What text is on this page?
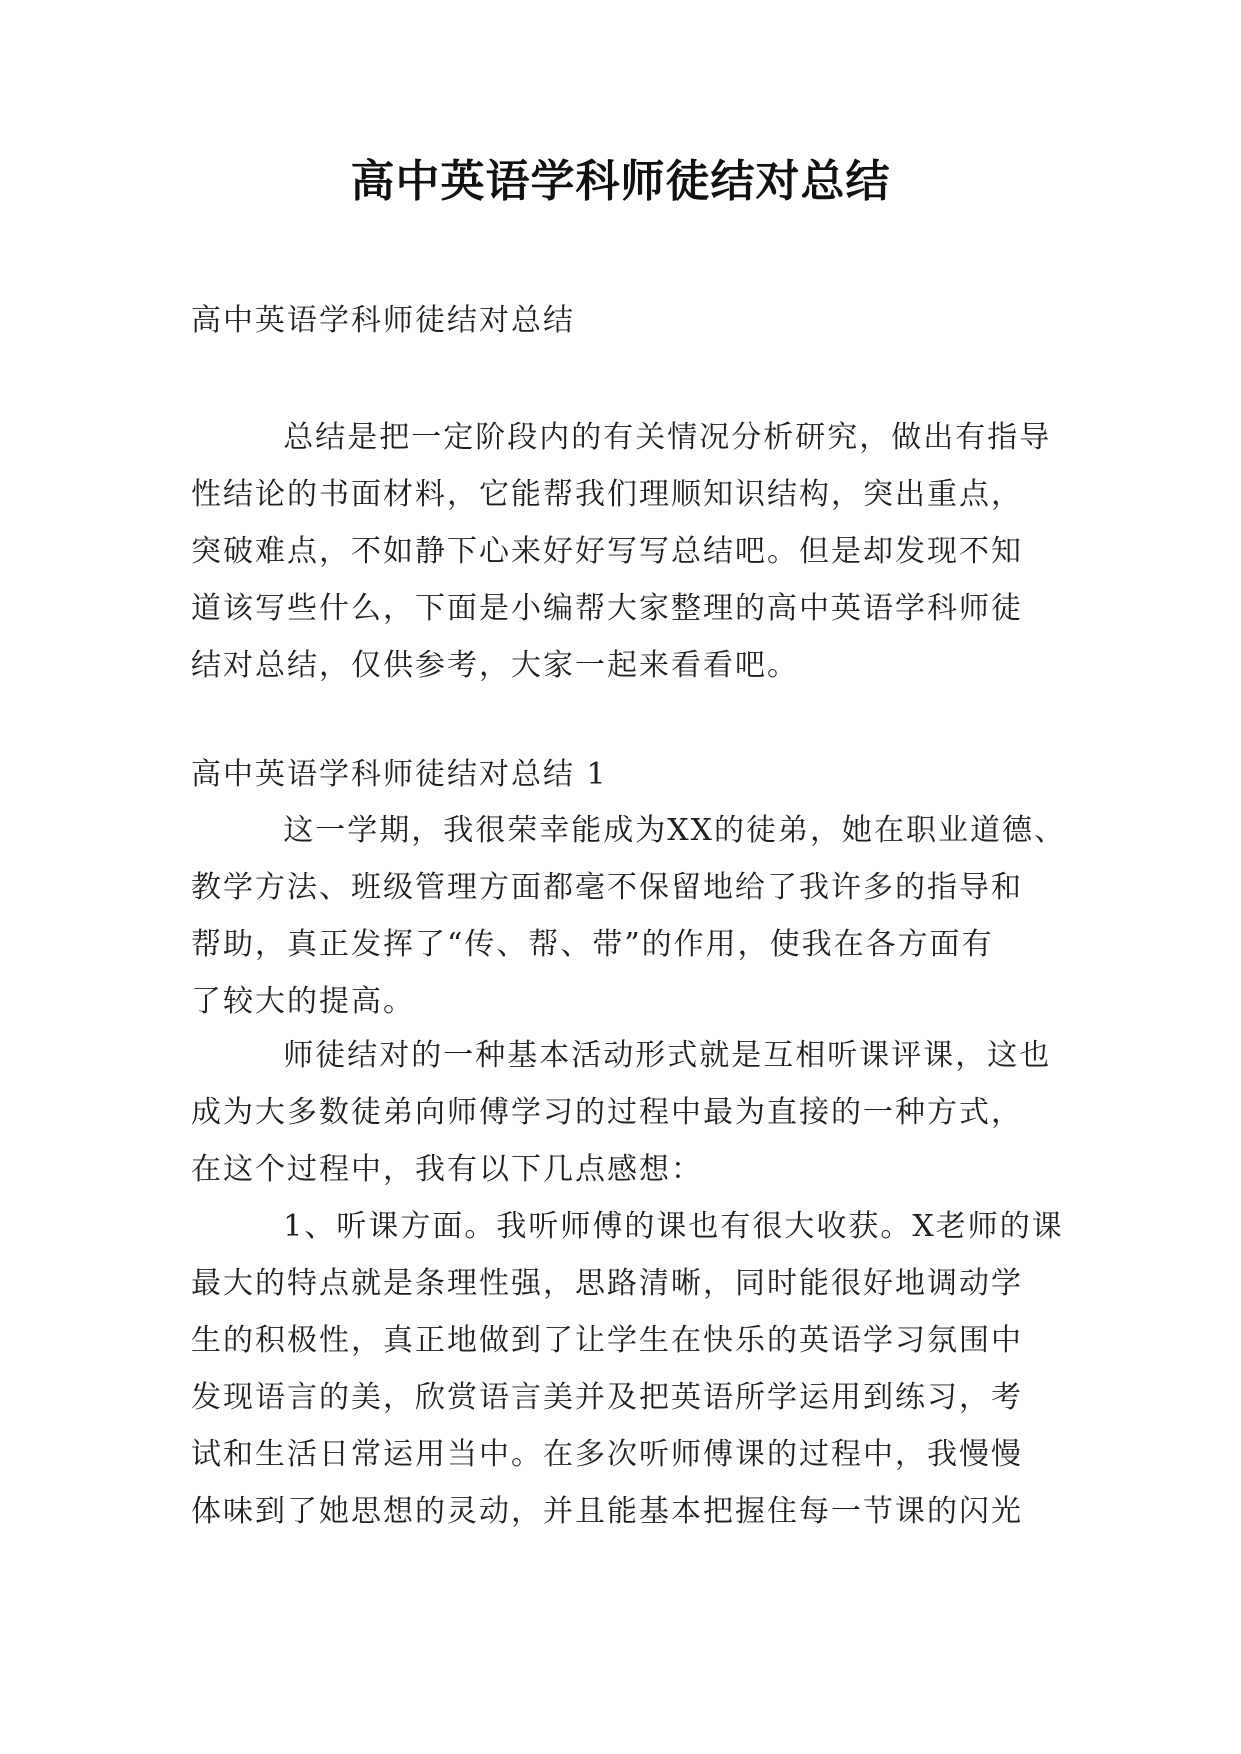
高中英语学科师徒结对总结

高中英语学科师徒结对总结

总结是把一定阶段内的有关情况分析研究，做出有指导
性结论的书面材料，它能帮我们理顺知识结构，突出重点，
突破难点，不如静下心来好好写写总结吧。但是却发现不知
道该写些什么，下面是小编帮大家整理的高中英语学科师徒
结对总结，仅供参考，大家一起来看看吧。

高中英语学科师徒结对总结 1

这一学期，我很荣幸能成为XX的徒弟，她在职业道德、
教学方法、班级管理方面都毫不保留地给了我许多的指导和
帮助，真正发挥了“传、帮、带”的作用，使我在各方面有
了较大的提高。

师徒结对的一种基本活动形式就是互相听课评课，这也
成为大多数徒弟向师傅学习的过程中最为直接的一种方式，
在这个过程中，我有以下几点感想：

1、听课方面。我听师傅的课也有很大收获。X老师的课
最大的特点就是条理性强，思路清晰，同时能很好地调动学
生的积极性，真正地做到了让学生在快乐的英语学习氛围中
发现语言的美，欣赏语言美并及把英语所学运用到练习，考
试和生活日常运用当中。在多次听师傅课的过程中，我慢慢
体味到了她思想的灵动，并且能基本把握住每一节课的闪光
